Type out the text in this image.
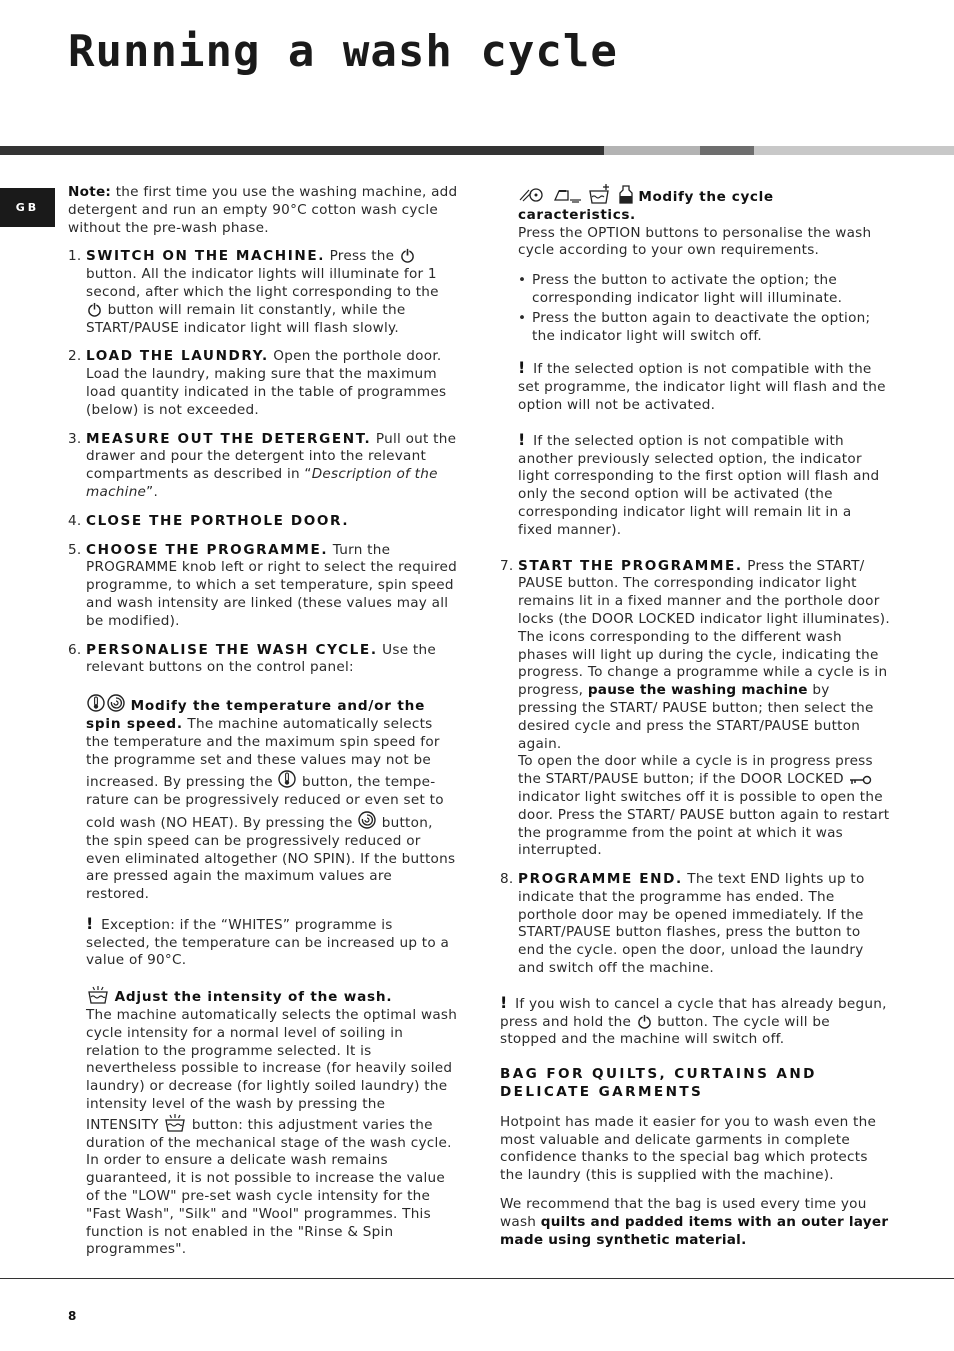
Running a wash cycle
GB

Note: the first time you use the washing machine, add detergent and run an empty 90°C cotton wash cycle without the pre-wash phase.

1. SWITCH ON THE MACHINE. Press the  button. All the indicator lights will illuminate for 1 second, after which the light corresponding to the  button will remain lit constantly, while the START/PAUSE indicator light will flash slowly.
2. LOAD THE LAUNDRY. Open the porthole door. Load the laundry, making sure that the maximum load quantity indicated in the table of programmes (below) is not exceeded.
3. MEASURE OUT THE DETERGENT. Pull out the drawer and pour the detergent into the relevant compartments as described in “Description of the machine”.
4. CLOSE THE PORTHOLE DOOR.
5. CHOOSE THE PROGRAMME. Turn the PROGRAMME knob left or right to select the required programme, to which a set temperature, spin speed and wash intensity are linked (these values may all be modified).
6. PERSONALISE THE WASH CYCLE. Use the relevant buttons on the control panel:

Modify the temperature and/or the spin speed. The machine automatically selects the temperature and the maximum spin speed for the programme set and these values may not be increased. By pressing the  button, the tempe-rature can be progressively reduced or even set to cold wash (NO HEAT). By pressing the  button, the spin speed can be progressively reduced or even eliminated altogether (NO SPIN). If the buttons are pressed again the maximum values are restored.

! Exception: if the “WHITES” programme is selected, the temperature can be increased up to a value of 90°C.

Adjust the intensity of the wash.
The machine automatically selects the optimal wash cycle intensity for a normal level of soiling in relation to the programme selected. It is nevertheless possible to increase (for heavily soiled laundry) or decrease (for lightly soiled laundry) the intensity level of the wash by pressing the INTENSITY  button: this adjustment varies the duration of the mechanical stage of the wash cycle. In order to ensure a delicate wash remains guaranteed, it is not possible to increase the value of the "LOW" pre-set wash cycle intensity for the "Fast Wash", "Silk" and "Wool" programmes. This function is not enabled in the "Rinse & Spin programmes".

Modify the cycle caracteristics.
Press the OPTION buttons to personalise the wash cycle according to your own requirements.

• Press the button to activate the option; the corresponding indicator light will illuminate.
• Press the button again to deactivate the option; the indicator light will switch off.

! If the selected option is not compatible with the set programme, the indicator light will flash and the option will not be activated.

! If the selected option is not compatible with another previously selected option, the indicator light corresponding to the first option will flash and only the second option will be activated (the corresponding indicator light will remain lit in a fixed manner).

7. START THE PROGRAMME. Press the START/ PAUSE button. The corresponding indicator light remains lit in a fixed manner and the porthole door locks (the DOOR LOCKED indicator light illuminates). The icons corresponding to the different wash phases will light up during the cycle, indicating the progress. To change a programme while a cycle is in progress, pause the washing machine by pressing the START/ PAUSE button; then select the desired cycle and press the START/PAUSE button again.
To open the door while a cycle is in progress press the START/PAUSE button; if the DOOR LOCKED  indicator light switches off it is possible to open the door. Press the START/ PAUSE button again to restart the programme from the point at which it was interrupted.
8. PROGRAMME END. The text END lights up to indicate that the programme has ended. The porthole door may be opened immediately. If the START/PAUSE button flashes, press the button to end the cycle. open the door, unload the laundry and switch off the machine.

! If you wish to cancel a cycle that has already begun, press and hold the  button. The cycle will be stopped and the machine will switch off.

BAG FOR QUILTS, CURTAINS AND DELICATE GARMENTS

Hotpoint has made it easier for you to wash even the most valuable and delicate garments in complete confidence thanks to the special bag which protects the laundry (this is supplied with the machine).

We recommend that the bag is used every time you wash quilts and padded items with an outer layer made using synthetic material.

8
